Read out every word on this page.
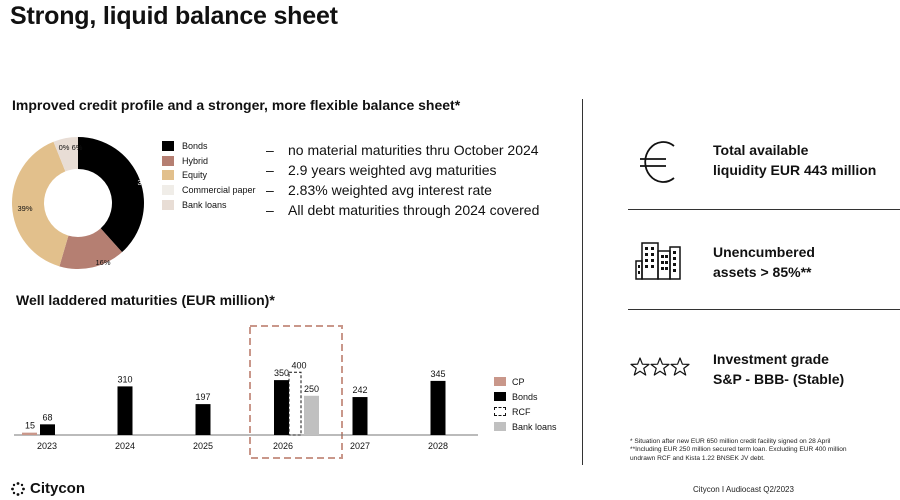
Strong, liquid balance sheet
Improved credit profile and a stronger, more flexible balance sheet*
Well laddered maturities (EUR million)*
38%
16%
39%
0% 6%	Bonds
Hybrid
Equity
Commercial paper
Bank loans
–	no material maturities thru October 2024
–	2.9 years weighted avg maturities
–	2.83% weighted avg interest rate
–	All debt maturities through 2024 covered
15
68
2023
310
2024
197
2025
350
400
250
2026
242
2027
345
2028
CP
Bonds
RCF
Bank loans
Total available
liquidity EUR 443 million
Unencumbered
assets > 85%**
Investment grade
S&P - BBB- (Stable)
* Situation after new EUR 650 million credit facility signed on 28 April
**Including EUR 250 million secured term loan. Excluding EUR 400 million
undrawn RCF and Kista 1.22 BNSEK JV debt.
Citycon	Citycon I Audiocast Q2/2023
